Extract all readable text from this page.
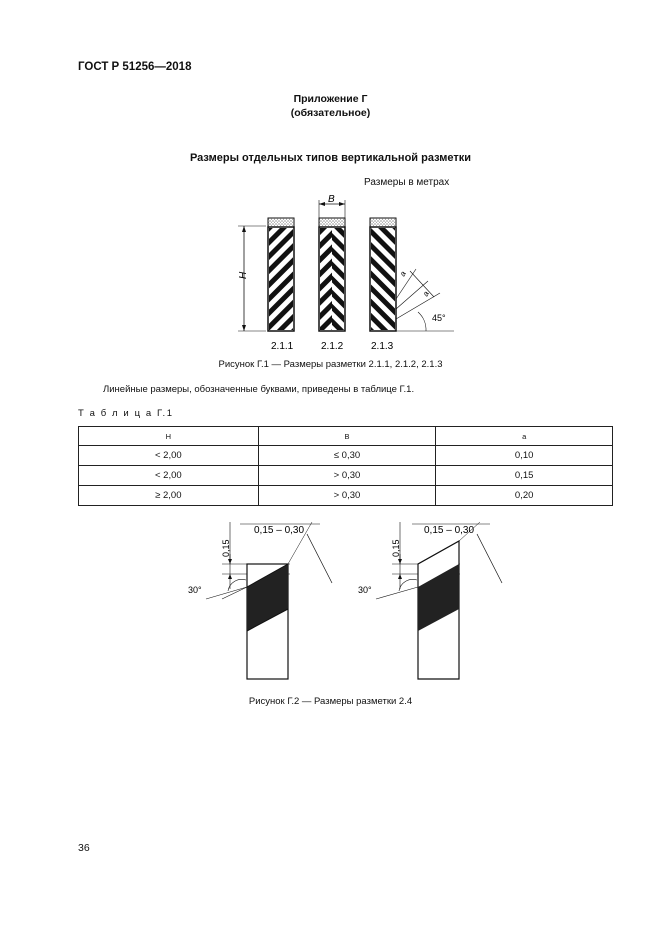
ГОСТ Р 51256—2018
Приложение Г
(обязательное)
Размеры отдельных типов вертикальной разметки
Размеры в метрах
H
B
a
a
45°
2.1.1	2.1.2	2.1.3
Рисунок Г.1 — Размеры разметки 2.1.1, 2.1.2, 2.1.3
Линейные размеры, обозначенные буквами, приведены в таблице Г.1.
Т а б л и ц а Г.1
H	B	a
< 2,00	≤ 0,30	0,10
< 2,00	> 0,30	0,15
≥ 2,00	> 0,30	0,20
0,15
0,15 – 0,30
30°
0,15
0,15 – 0,30
30°
Рисунок Г.2 — Размеры разметки 2.4
36
